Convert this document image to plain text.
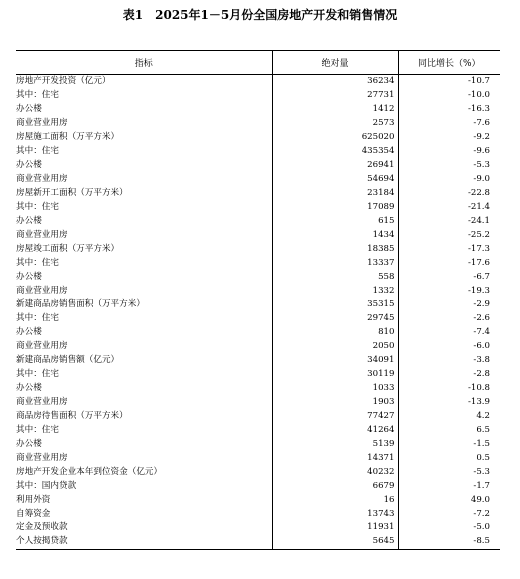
表1　2025年1－5月份全国房地产开发和销售情况
指标	绝对量	同比增长（%）
房地产开发投资（亿元）	36234	-10.7
其中：住宅	27731	-10.0
办公楼	1412	-16.3
商业营业用房	2573	-7.6
房屋施工面积（万平方米）	625020	-9.2
其中：住宅	435354	-9.6
办公楼	26941	-5.3
商业营业用房	54694	-9.0
房屋新开工面积（万平方米）	23184	-22.8
其中：住宅	17089	-21.4
办公楼	615	-24.1
商业营业用房	1434	-25.2
房屋竣工面积（万平方米）	18385	-17.3
其中：住宅	13337	-17.6
办公楼	558	-6.7
商业营业用房	1332	-19.3
新建商品房销售面积（万平方米）	35315	-2.9
其中：住宅	29745	-2.6
办公楼	810	-7.4
商业营业用房	2050	-6.0
新建商品房销售额（亿元）	34091	-3.8
其中：住宅	30119	-2.8
办公楼	1033	-10.8
商业营业用房	1903	-13.9
商品房待售面积（万平方米）	77427	4.2
其中：住宅	41264	6.5
办公楼	5139	-1.5
商业营业用房	14371	0.5
房地产开发企业本年到位资金（亿元）	40232	-5.3
其中：国内贷款	6679	-1.7
利用外资	16	49.0
自筹资金	13743	-7.2
定金及预收款	11931	-5.0
个人按揭贷款	5645	-8.5
